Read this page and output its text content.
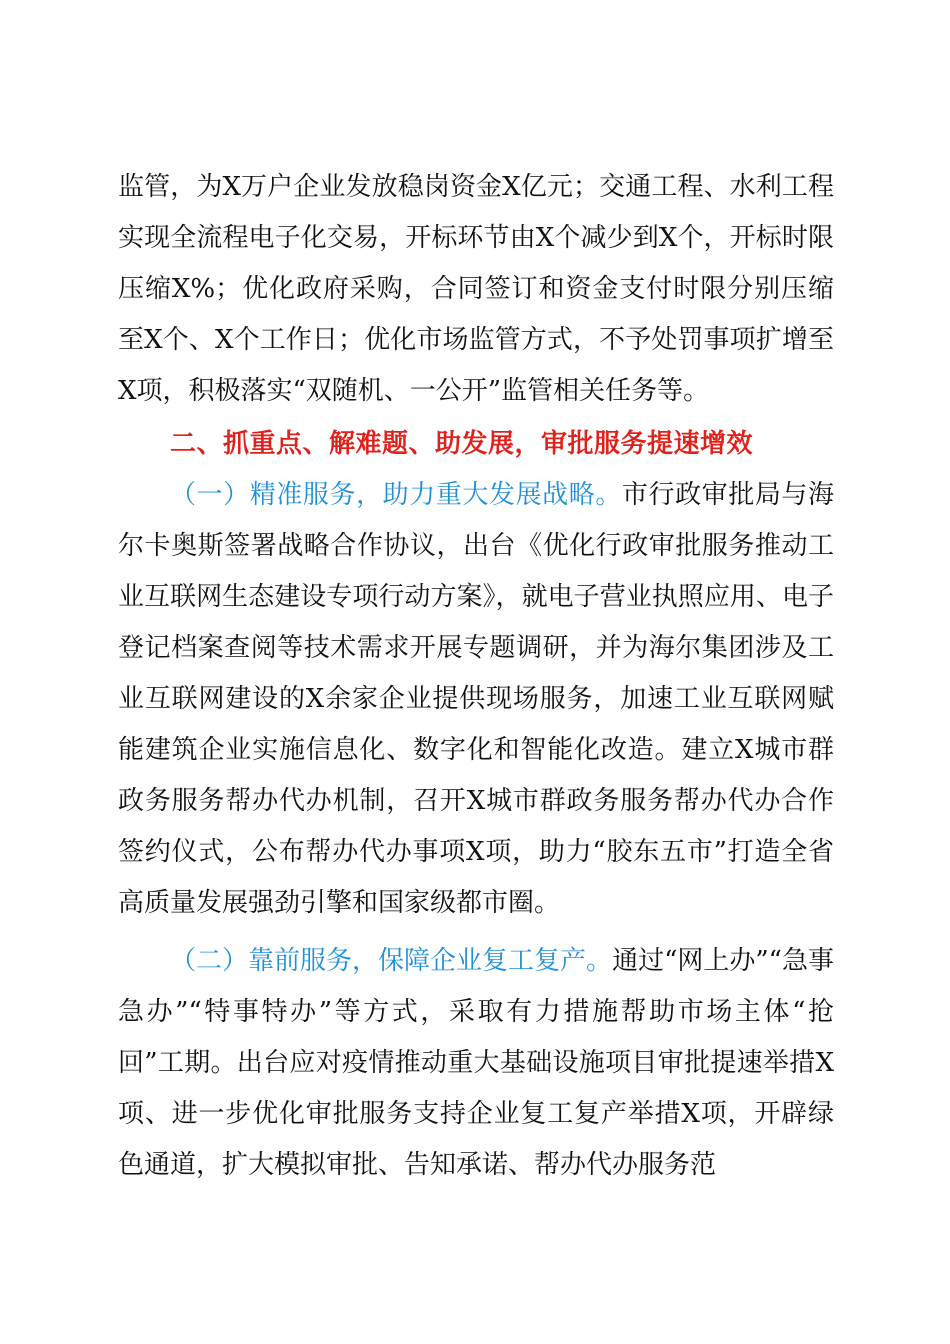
监管，为X万户企业发放稳岗资金X亿元；交通工程、水利工程实现全流程电子化交易，开标环节由X个减少到X个，开标时限压缩X%；优化政府采购，合同签订和资金支付时限分别压缩至X个、X个工作日；优化市场监管方式，不予处罚事项扩增至X项，积极落实“双随机、一公开”监管相关任务等。

二、抓重点、解难题、助发展，审批服务提速增效

（一）精准服务，助力重大发展战略。市行政审批局与海尔卡奥斯签署战略合作协议，出台《优化行政审批服务推动工业互联网生态建设专项行动方案》，就电子营业执照应用、电子登记档案查阅等技术需求开展专题调研，并为海尔集团涉及工业互联网建设的X余家企业提供现场服务，加速工业互联网赋能建筑企业实施信息化、数字化和智能化改造。建立X城市群政务服务帮办代办机制，召开X城市群政务服务帮办代办合作签约仪式，公布帮办代办事项X项，助力“胶东五市”打造全省高质量发展强劲引擎和国家级都市圈。

（二）靠前服务，保障企业复工复产。通过“网上办”“急事急办”“特事特办”等方式，采取有力措施帮助市场主体“抢回”工期。出台应对疫情推动重大基础设施项目审批提速举措X项、进一步优化审批服务支持企业复工复产举措X项，开辟绿色通道，扩大模拟审批、告知承诺、帮办代办服务范
